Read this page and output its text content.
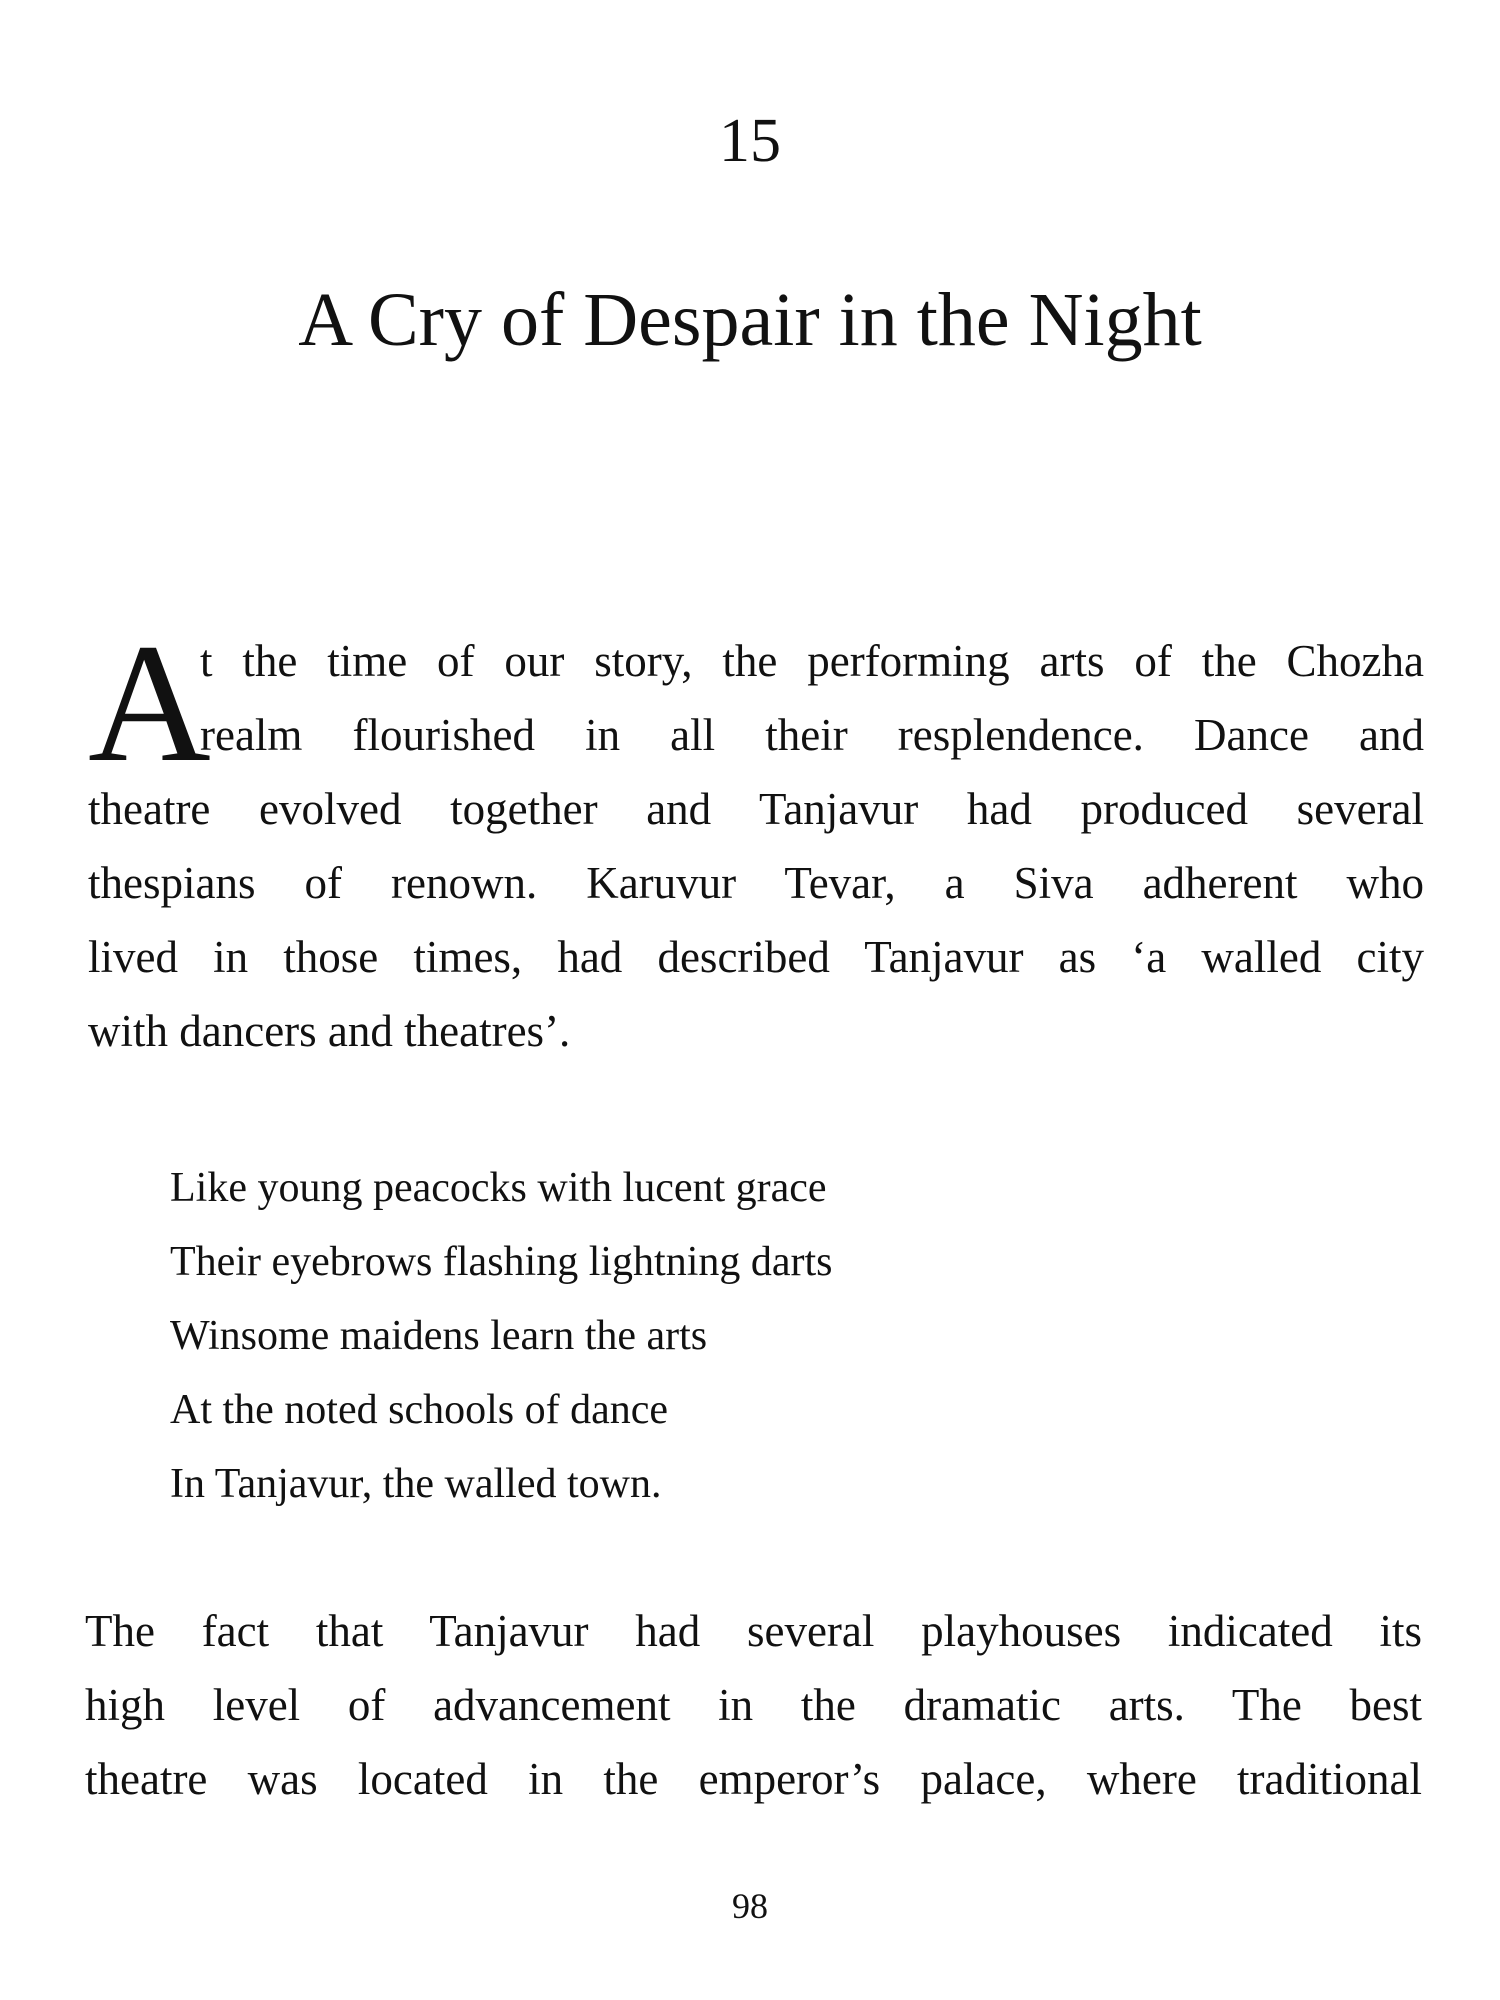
15
A Cry of Despair in the Night
A
t the time of our story, the performing arts of the Chozha
realm flourished in all their resplendence. Dance and
theatre evolved together and Tanjavur had produced several
thespians of renown. Karuvur Tevar, a Siva adherent who
lived in those times, had described Tanjavur as ‘a walled city
with dancers and theatres’.
Like young peacocks with lucent grace
Their eyebrows flashing lightning darts
Winsome maidens learn the arts
At the noted schools of dance
In Tanjavur, the walled town.
The fact that Tanjavur had several playhouses indicated its
high level of advancement in the dramatic arts. The best
theatre was located in the emperor’s palace, where traditional
98
